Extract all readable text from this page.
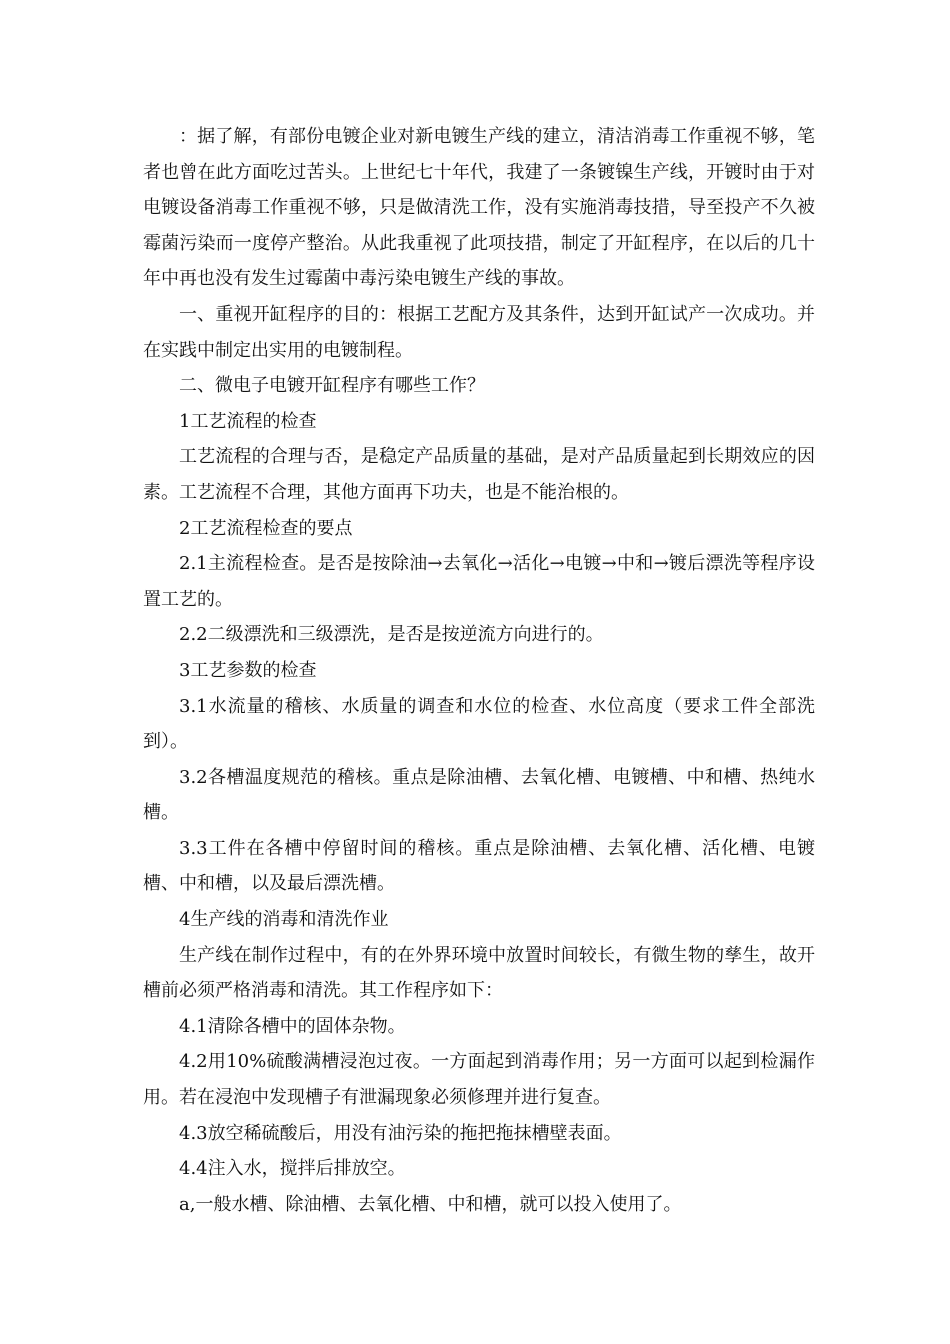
：据了解，有部份电镀企业对新电镀生产线的建立，清洁消毒工作重视不够，笔者也曾在此方面吃过苦头。上世纪七十年代，我建了一条镀镍生产线，开镀时由于对电镀设备消毒工作重视不够，只是做清洗工作，没有实施消毒技措，导至投产不久被霉菌污染而一度停产整治。从此我重视了此项技措，制定了开缸程序，在以后的几十年中再也没有发生过霉菌中毒污染电镀生产线的事故。

一、重视开缸程序的目的：根据工艺配方及其条件，达到开缸试产一次成功。并在实践中制定出实用的电镀制程。

二、微电子电镀开缸程序有哪些工作？

1工艺流程的检查

工艺流程的合理与否，是稳定产品质量的基础，是对产品质量起到长期效应的因素。工艺流程不合理，其他方面再下功夫，也是不能治根的。

2工艺流程检查的要点

2.1主流程检查。是否是按除油→去氧化→活化→电镀→中和→镀后漂洗等程序设置工艺的。

2.2二级漂洗和三级漂洗，是否是按逆流方向进行的。

3工艺参数的检查

3.1水流量的稽核、水质量的调查和水位的检查、水位高度（要求工件全部洗到）。

3.2各槽温度规范的稽核。重点是除油槽、去氧化槽、电镀槽、中和槽、热纯水槽。

3.3工件在各槽中停留时间的稽核。重点是除油槽、去氧化槽、活化槽、电镀槽、中和槽，以及最后漂洗槽。

4生产线的消毒和清洗作业

生产线在制作过程中，有的在外界环境中放置时间较长，有微生物的孳生，故开槽前必须严格消毒和清洗。其工作程序如下：

4.1清除各槽中的固体杂物。

4.2用10%硫酸满槽浸泡过夜。一方面起到消毒作用；另一方面可以起到检漏作用。若在浸泡中发现槽子有泄漏现象必须修理并进行复查。

4.3放空稀硫酸后，用没有油污染的拖把拖抹槽壁表面。

4.4注入水，搅拌后排放空。

a,一般水槽、除油槽、去氧化槽、中和槽，就可以投入使用了。
